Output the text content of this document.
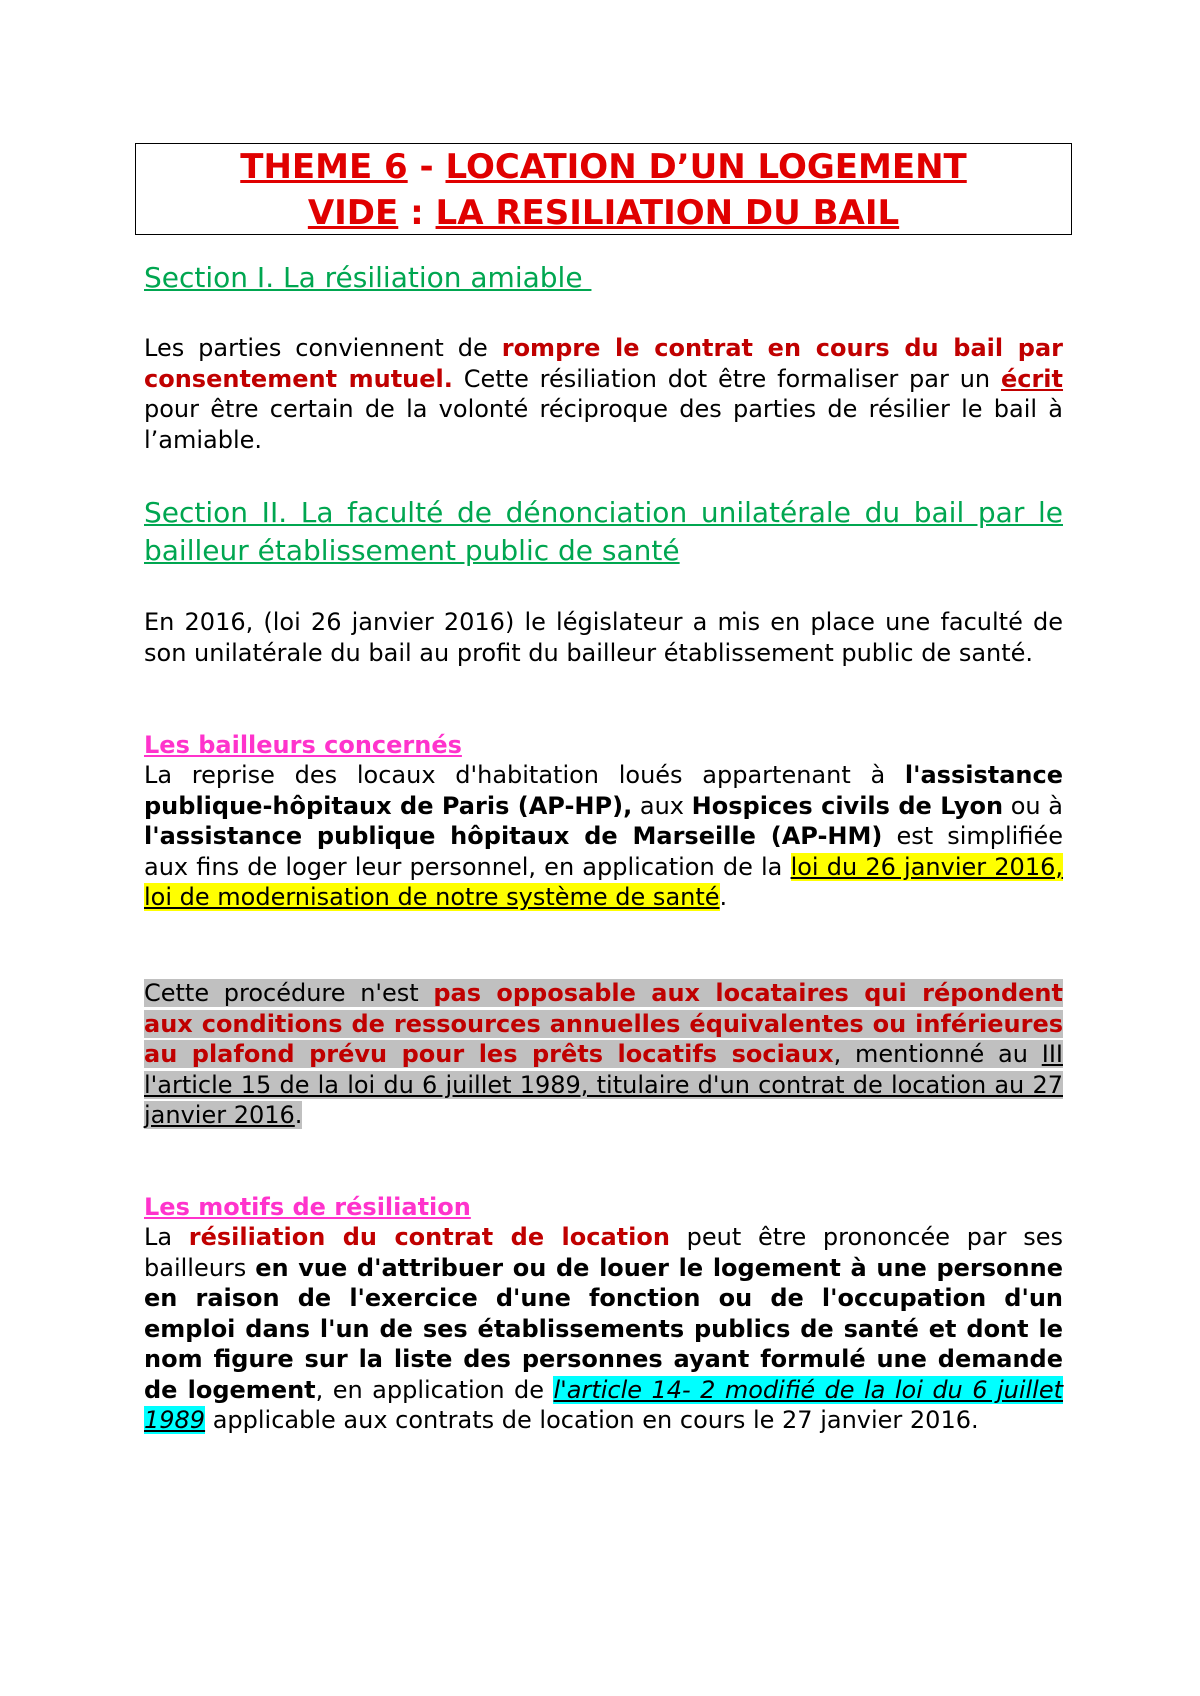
THEME 6 - LOCATION D’UN LOGEMENT
VIDE : LA RESILIATION DU BAIL
Section I. La résiliation amiable
Les parties conviennent de rompre le contrat en cours du bail par consentement mutuel. Cette résiliation dot être formaliser par un écrit pour être certain de la volonté réciproque des parties de résilier le bail à l’amiable.
Section II. La faculté de dénonciation unilatérale du bail par le bailleur établissement public de santé
En 2016, (loi 26 janvier 2016) le législateur a mis en place une faculté de son unilatérale du bail au profit du bailleur établissement public de santé.
Les bailleurs concernés
La reprise des locaux d'habitation loués appartenant à l'assistance publique-hôpitaux de Paris (AP-HP), aux Hospices civils de Lyon ou à l'assistance publique hôpitaux de Marseille (AP-HM) est simplifiée aux fins de loger leur personnel, en application de la loi du 26 janvier 2016, loi de modernisation de notre système de santé.
Cette procédure n'est pas opposable aux locataires qui répondent aux conditions de ressources annuelles équivalentes ou inférieures au plafond prévu pour les prêts locatifs sociaux, mentionné au III l'article 15 de la loi du 6 juillet 1989, titulaire d'un contrat de location au 27 janvier 2016.
Les motifs de résiliation
La résiliation du contrat de location peut être prononcée par ses bailleurs en vue d'attribuer ou de louer le logement à une personne en raison de l'exercice d'une fonction ou de l'occupation d'un emploi dans l'un de ses établissements publics de santé et dont le nom figure sur la liste des personnes ayant formulé une demande de logement, en application de l'article 14- 2 modifié de la loi du 6 juillet 1989 applicable aux contrats de location en cours le 27 janvier 2016.
